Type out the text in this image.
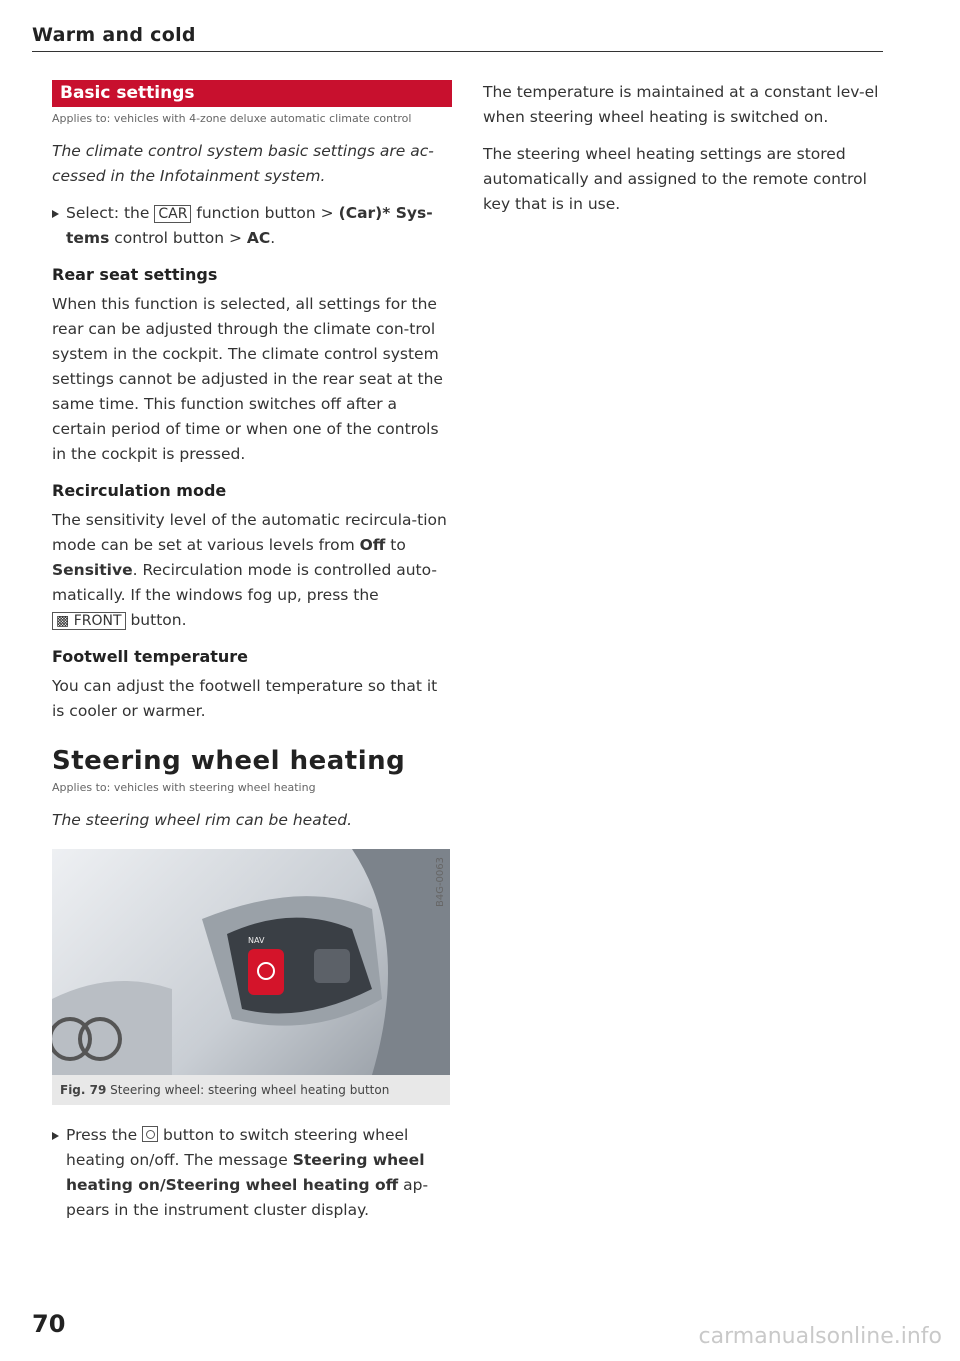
Warm and cold
Basic settings
Applies to: vehicles with 4-zone deluxe automatic climate control
The climate control system basic settings are ac-cessed in the Infotainment system.
Select: the CAR function button > (Car)* Sys-tems control button > AC.
Rear seat settings

When this function is selected, all settings for the rear can be adjusted through the climate con-trol system in the cockpit. The climate control system settings cannot be adjusted in the rear seat at the same time. This function switches off after a certain period of time or when one of the controls in the cockpit is pressed.

Recirculation mode

The sensitivity level of the automatic recircula-tion mode can be set at various levels from Off to Sensitive. Recirculation mode is controlled auto-matically. If the windows fog up, press the ▩ FRONT button.

Footwell temperature

You can adjust the footwell temperature so that it is cooler or warmer.

Steering wheel heating
Applies to: vehicles with steering wheel heating
The steering wheel rim can be heated.
NAV
B4G-0063
Fig. 79 Steering wheel: steering wheel heating button
Press the button to switch steering wheel heating on/off. The message Steering wheel heating on/Steering wheel heating off ap-pears in the instrument cluster display.

The temperature is maintained at a constant lev-el when steering wheel heating is switched on.

The steering wheel heating settings are stored automatically and assigned to the remote control key that is in use.

70	carmanualsonline.info
